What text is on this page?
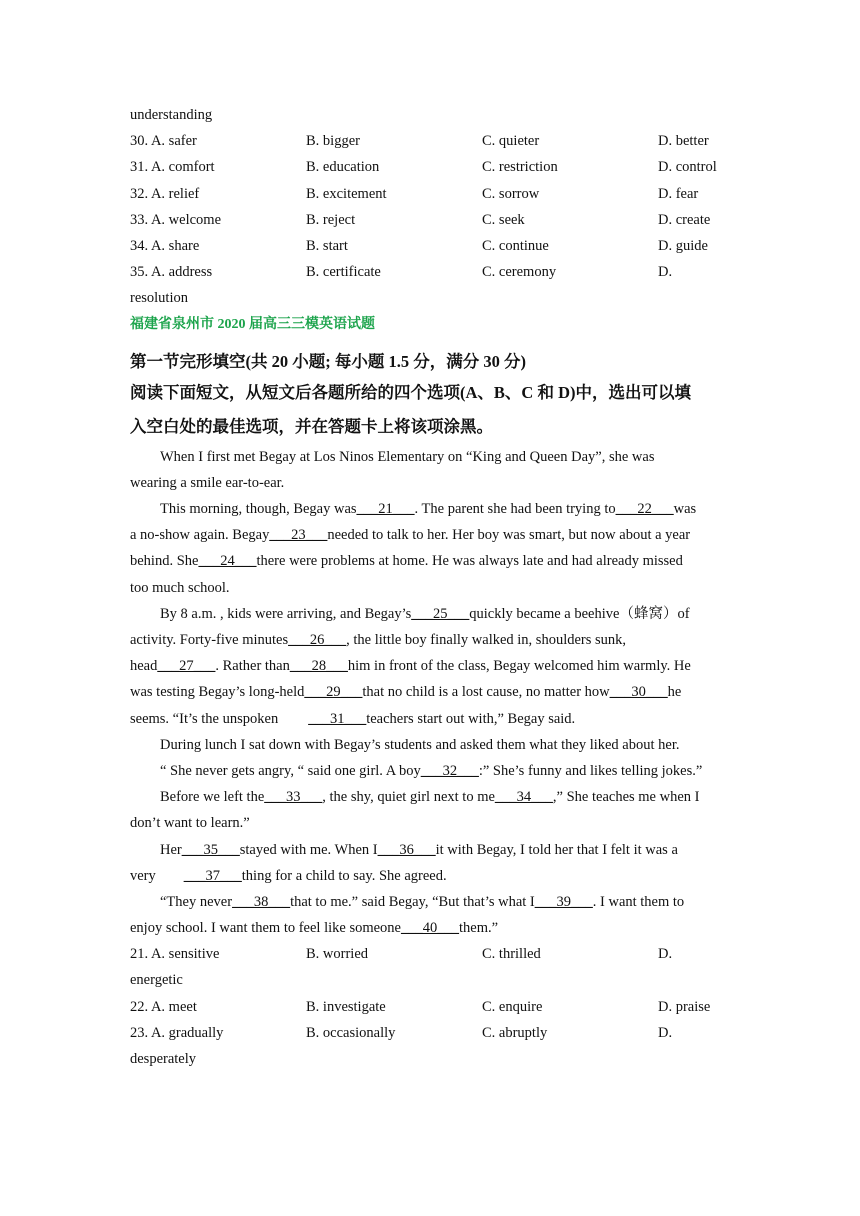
understanding
30. A. safer	B. bigger	C. quieter	D. better
31. A. comfort	B. education	C. restriction	D. control
32. A. relief	B. excitement	C. sorrow	D. fear
33. A. welcome	B. reject	C. seek	D. create
34. A. share	B. start	C. continue	D. guide
35. A. address	B. certificate	C. ceremony	D.
resolution
福建省泉州市 2020 届高三三模英语试题
第一节完形填空(共 20 小题; 每小题 1.5 分，满分 30 分)
阅读下面短文，从短文后各题所给的四个选项(A、B、C 和 D)中，选出可以填
入空白处的最佳选项，并在答题卡上将该项涂黑。
When I first met Begay at Los Ninos Elementary on “King and Queen Day”, she was
wearing a smile ear-to-ear.
This morning, though, Begay was___21___. The parent she had been trying to___22___was
a no-show again. Begay___23___needed to talk to her. Her boy was smart, but now about a year
behind. She___24___there were problems at home. He was always late and had already missed
too much school.
By 8 a.m. , kids were arriving, and Begay’s___25___quickly became a beehive（蜂窝）of
activity. Forty-five minutes___26___, the little boy finally walked in, shoulders sunk,
head___27___. Rather than___28___him in front of the class, Begay welcomed him warmly. He
was testing Begay’s long-held___29___that no child is a lost cause, no matter how___30___he
seems. “It’s the unspoken ___31___teachers start out with,” Begay said.
During lunch I sat down with Begay’s students and asked them what they liked about her.
“ She never gets angry, “ said one girl. A boy___32___:” She’s funny and likes telling jokes.”
Before we left the___33___, the shy, quiet girl next to me___34___,” She teaches me when I
don’t want to learn.”
Her___35___stayed with me. When I___36___it with Begay, I told her that I felt it was a
very ___37___thing for a child to say. She agreed.
“They never___38___that to me.” said Begay, “But that’s what I___39___. I want them to
enjoy school. I want them to feel like someone___40___them.”
21. A. sensitive	B. worried	C. thrilled	D.
energetic
22. A. meet	B. investigate	C. enquire	D. praise
23. A. gradually	B. occasionally	C. abruptly	D.
desperately
